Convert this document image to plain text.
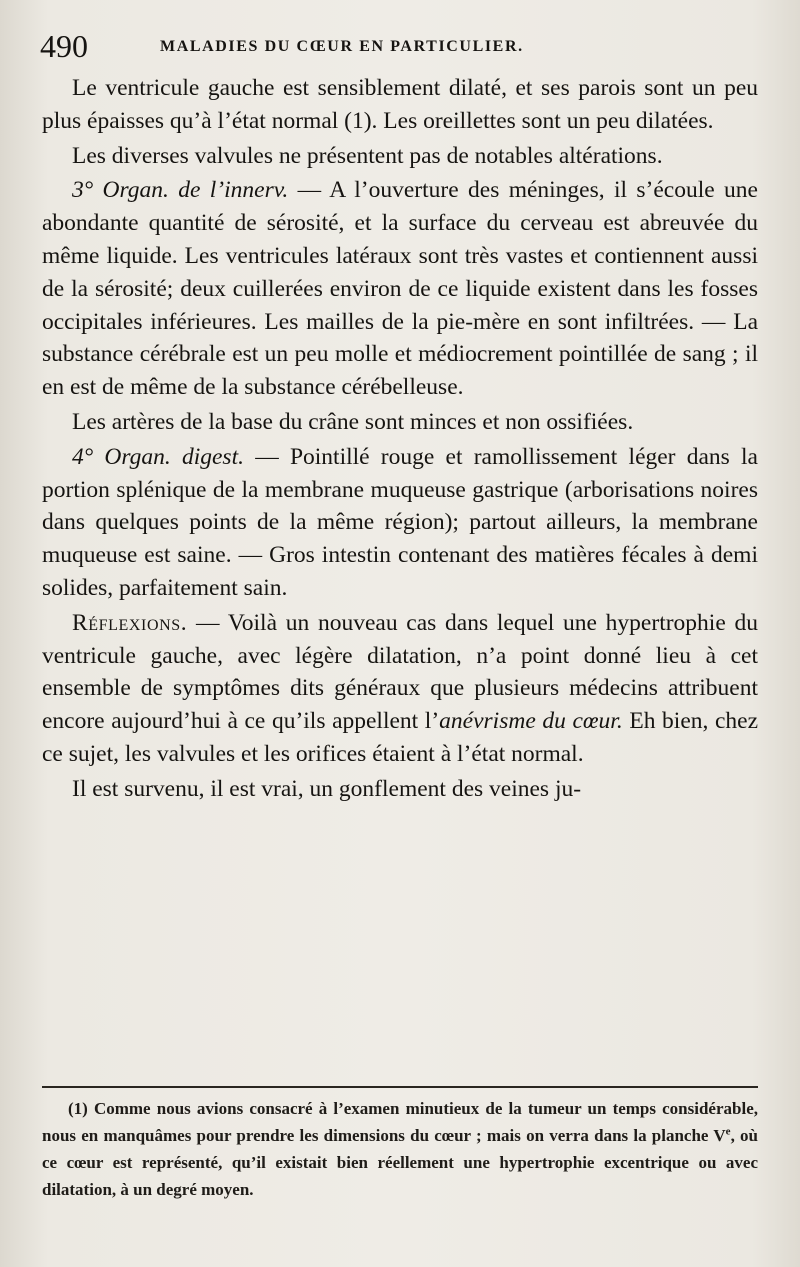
490	MALADIES DU CŒUR EN PARTICULIER.

Le ventricule gauche est sensiblement dilaté, et ses parois sont un peu plus épaisses qu’à l’état normal (1). Les oreillettes sont un peu dilatées.

Les diverses valvules ne présentent pas de notables altérations.

3° Organ. de l’innerv. — A l’ouverture des méninges, il s’écoule une abondante quantité de sérosité, et la surface du cerveau est abreuvée du même liquide. Les ventricules latéraux sont très vastes et contiennent aussi de la sérosité; deux cuillerées environ de ce liquide existent dans les fosses occipitales inférieures. Les mailles de la pie-mère en sont infiltrées. — La substance cérébrale est un peu molle et médiocrement pointillée de sang ; il en est de même de la substance cérébelleuse.

Les artères de la base du crâne sont minces et non ossifiées.

4° Organ. digest. — Pointillé rouge et ramollissement léger dans la portion splénique de la membrane muqueuse gastrique (arborisations noires dans quelques points de la même région); partout ailleurs, la membrane muqueuse est saine. — Gros intestin contenant des matières fécales à demi solides, parfaitement sain.

Réflexions. — Voilà un nouveau cas dans lequel une hypertrophie du ventricule gauche, avec légère dilatation, n’a point donné lieu à cet ensemble de symptômes dits généraux que plusieurs médecins attribuent encore aujourd’hui à ce qu’ils appellent l’anévrisme du cœur. Eh bien, chez ce sujet, les valvules et les orifices étaient à l’état normal.

Il est survenu, il est vrai, un gonflement des veines ju-

(1) Comme nous avions consacré à l’examen minutieux de la tumeur un temps considérable, nous en manquâmes pour prendre les dimensions du cœur ; mais on verra dans la planche Ve, où ce cœur est représenté, qu’il existait bien réellement une hypertrophie excentrique ou avec dilatation, à un degré moyen.
